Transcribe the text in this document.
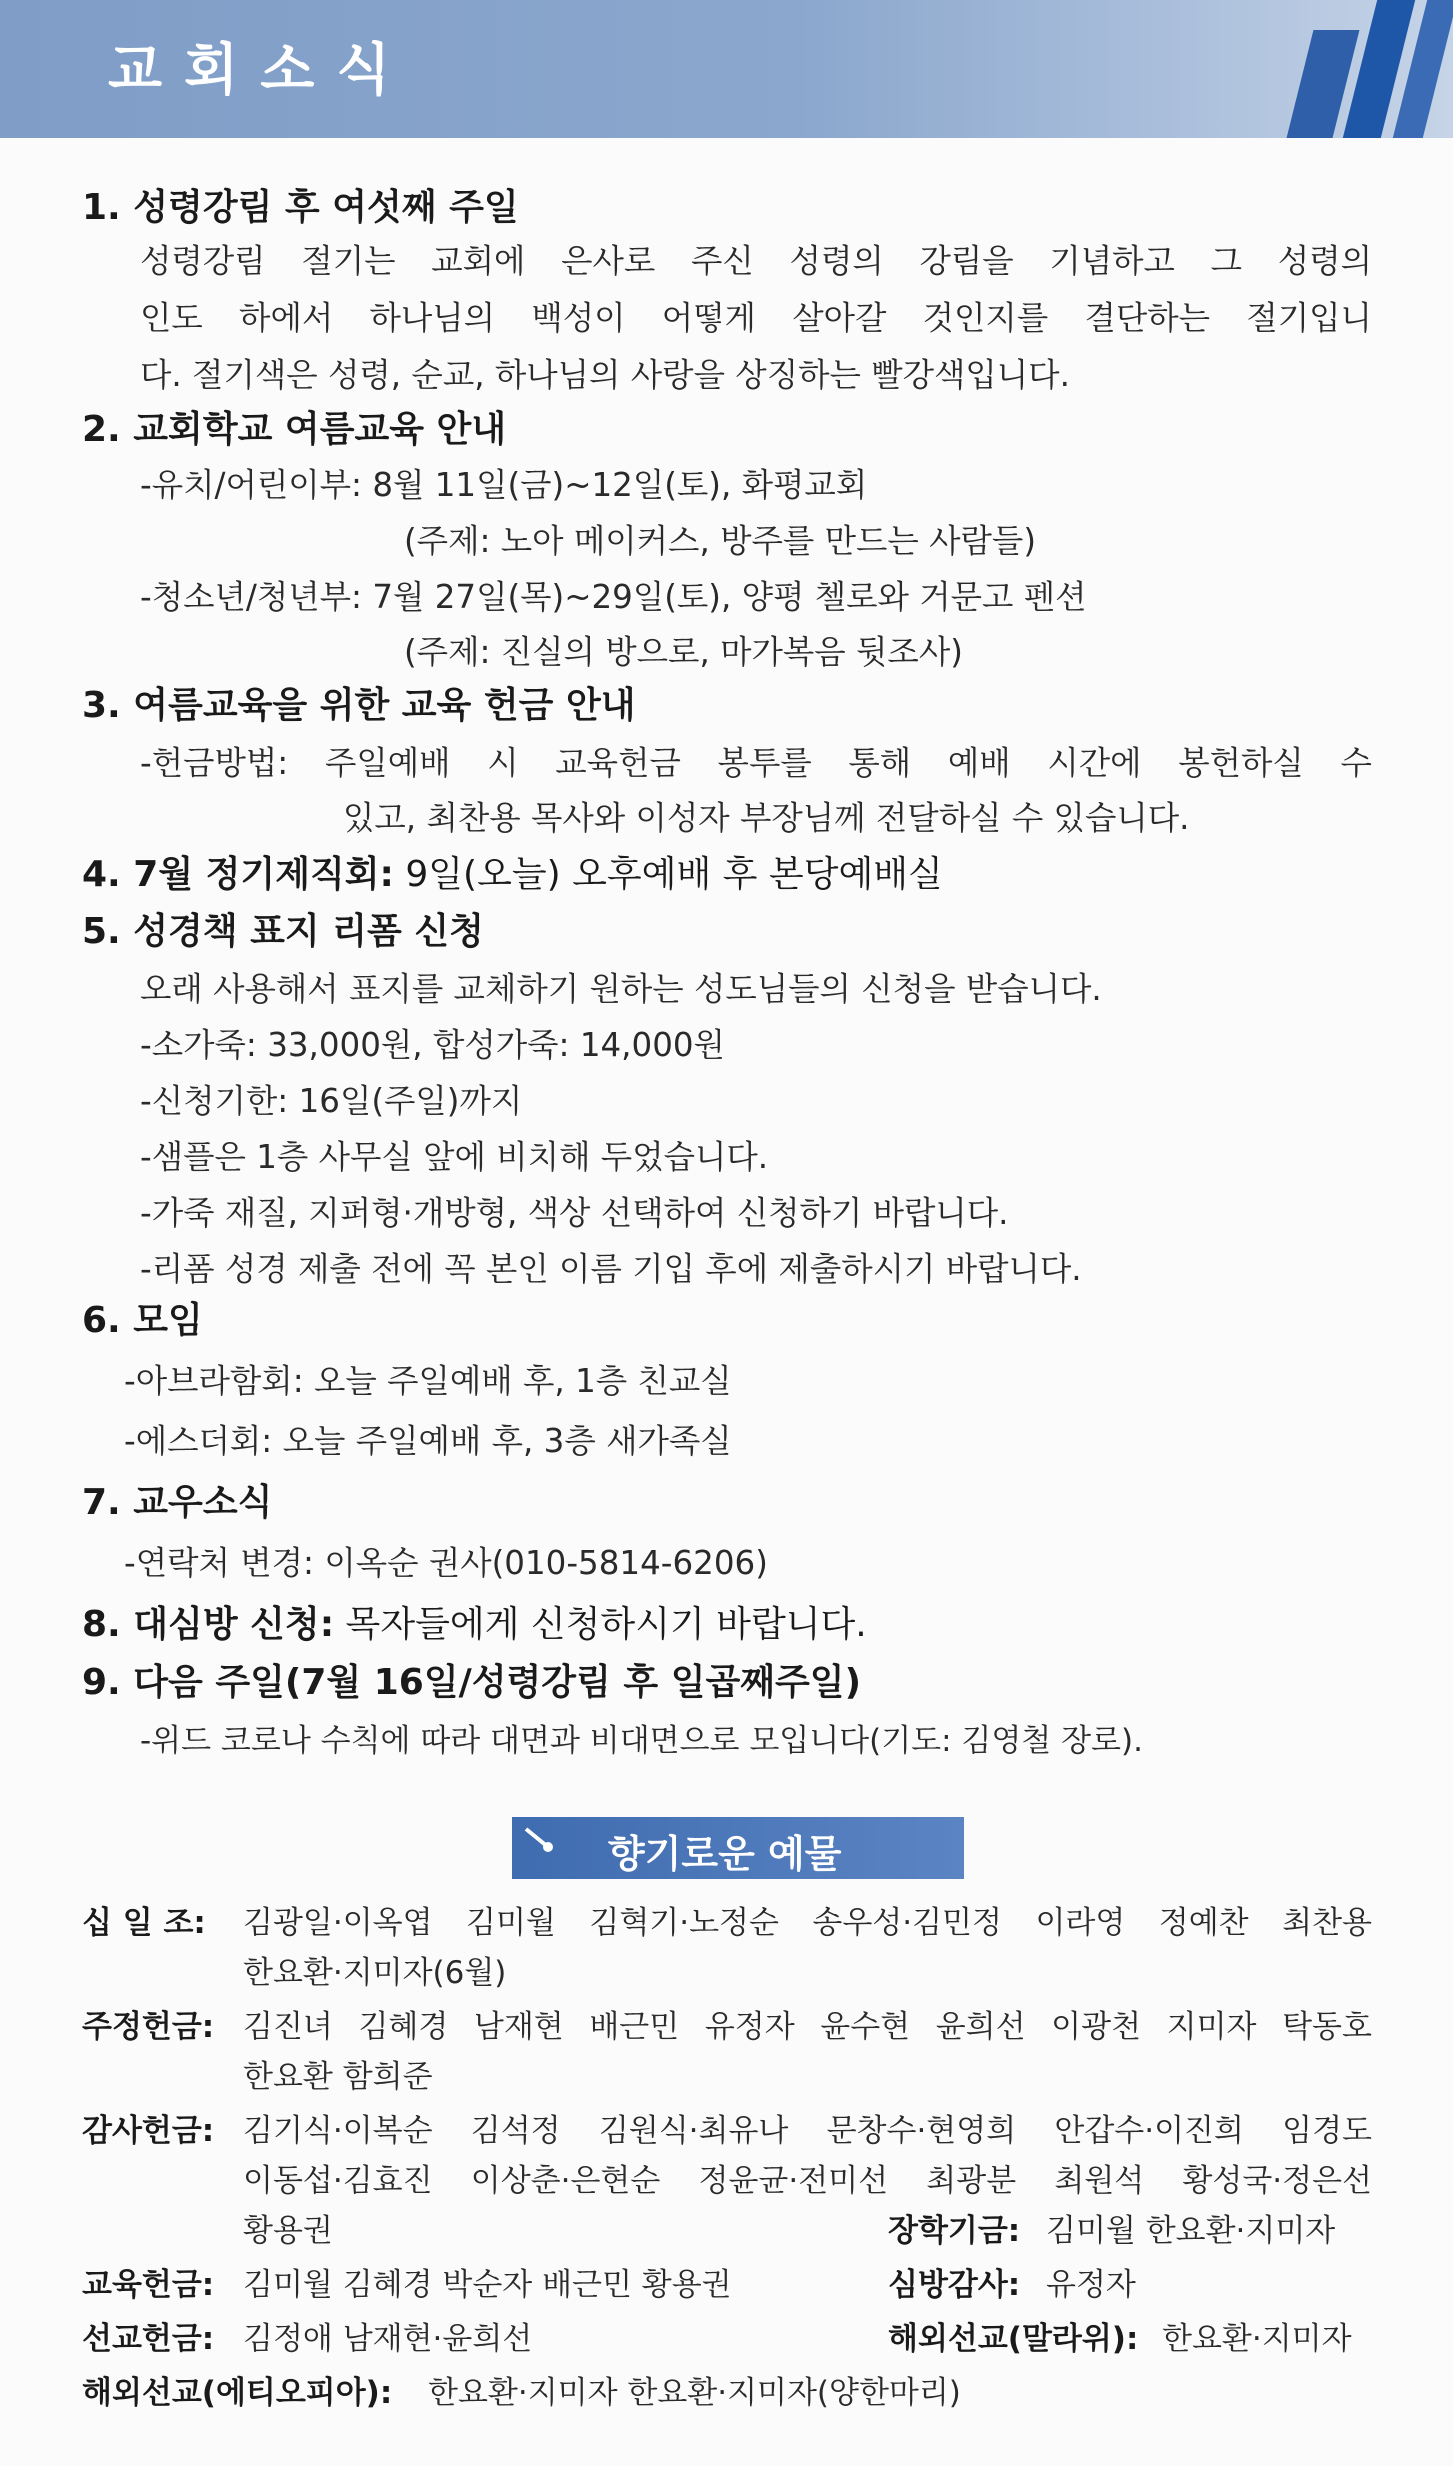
교회소식
1. 성령강림 후 여섯째 주일
성령강림 절기는 교회에 은사로 주신 성령의 강림을 기념하고 그 성령의
인도 하에서 하나님의 백성이 어떻게 살아갈 것인지를 결단하는 절기입니
다. 절기색은 성령, 순교, 하나님의 사랑을 상징하는 빨강색입니다.
2. 교회학교 여름교육 안내
-유치/어린이부: 8월 11일(금)~12일(토), 화평교회
(주제: 노아 메이커스, 방주를 만드는 사람들)
-청소년/청년부: 7월 27일(목)~29일(토), 양평 첼로와 거문고 펜션
(주제: 진실의 방으로, 마가복음 뒷조사)
3. 여름교육을 위한 교육 헌금 안내
-헌금방법: 주일예배 시 교육헌금 봉투를 통해 예배 시간에 봉헌하실 수
있고, 최찬용 목사와 이성자 부장님께 전달하실 수 있습니다.
4. 7월 정기제직회: 9일(오늘) 오후예배 후 본당예배실
5. 성경책 표지 리폼 신청
오래 사용해서 표지를 교체하기 원하는 성도님들의 신청을 받습니다.
-소가죽: 33,000원, 합성가죽: 14,000원
-신청기한: 16일(주일)까지
-샘플은 1층 사무실 앞에 비치해 두었습니다.
-가죽 재질, 지퍼형·개방형, 색상 선택하여 신청하기 바랍니다.
-리폼 성경 제출 전에 꼭 본인 이름 기입 후에 제출하시기 바랍니다.
6. 모임
-아브라함회: 오늘 주일예배 후, 1층 친교실
-에스더회: 오늘 주일예배 후, 3층 새가족실
7. 교우소식
-연락처 변경: 이옥순 권사(010-5814-6206)
8. 대심방 신청: 목자들에게 신청하시기 바랍니다.
9. 다음 주일(7월 16일/성령강림 후 일곱째주일)
-위드 코로나 수칙에 따라 대면과 비대면으로 모입니다(기도: 김영철 장로).
향기로운 예물
십 일 조: 김광일·이옥엽 김미월 김혁기·노정순 송우성·김민정 이라영 정예찬 최찬용
한요환·지미자(6월)
주정헌금: 김진녀 김혜경 남재현 배근민 유정자 윤수현 윤희선 이광천 지미자 탁동호
한요환 함희준
감사헌금: 김기식·이복순 김석정 김원식·최유나 문창수·현영희 안갑수·이진희 임경도
이동섭·김효진 이상춘·은현순 정윤균·전미선 최광분 최원석 황성국·정은선
황용권	장학기금: 김미월 한요환·지미자
교육헌금: 김미월 김혜경 박순자 배근민 황용권	심방감사: 유정자
선교헌금: 김정애 남재현·윤희선	해외선교(말라위): 한요환·지미자
해외선교(에티오피아): 한요환·지미자 한요환·지미자(양한마리)
